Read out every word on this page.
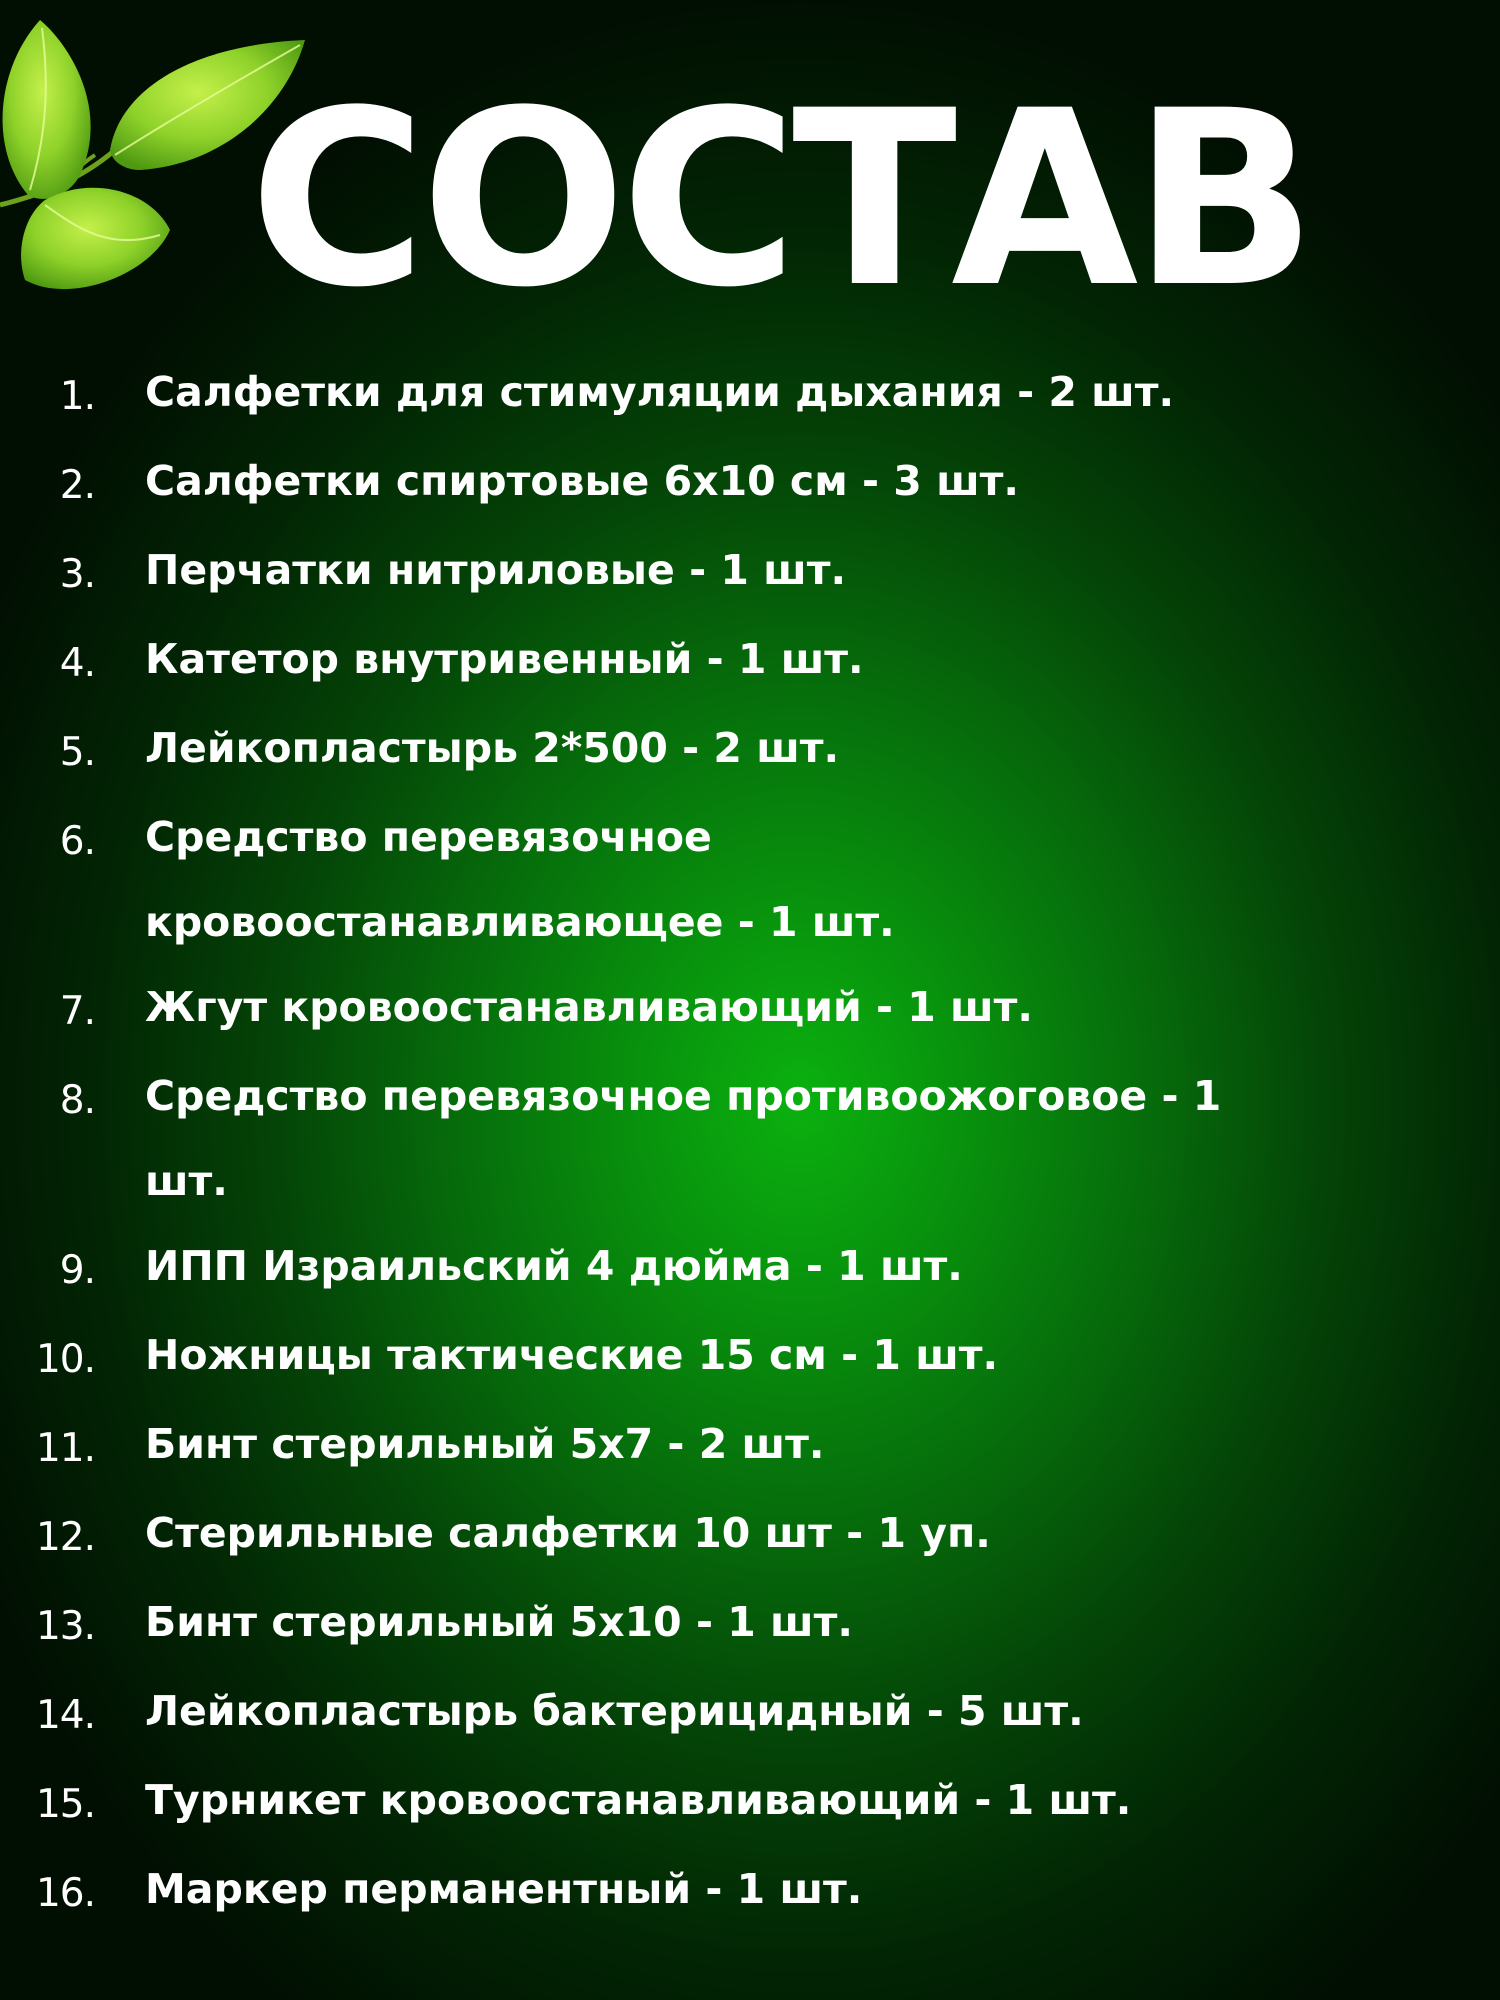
СОСТАВ
1.	Салфетки для стимуляции дыхания - 2 шт.
2.	Салфетки спиртовые 6х10 см - 3 шт.
3.	Перчатки нитриловые - 1 шт.
4.	Катетор внутривенный - 1 шт.
5.	Лейкопластырь 2*500 - 2 шт.
6.	Средство перевязочное кровоостанавливающее - 1 шт.
7.	Жгут кровоостанавливающий - 1 шт.
8.	Средство перевязочное противоожоговое - 1 шт.
9.	ИПП Израильский 4 дюйма - 1 шт.
10.	Ножницы тактические 15 см - 1 шт.
11.	Бинт стерильный 5х7 - 2 шт.
12.	Стерильные салфетки 10 шт - 1 уп.
13.	Бинт стерильный 5х10 - 1 шт.
14.	Лейкопластырь бактерицидный - 5 шт.
15.	Турникет кровоостанавливающий - 1 шт.
16.	Маркер перманентный - 1 шт.
